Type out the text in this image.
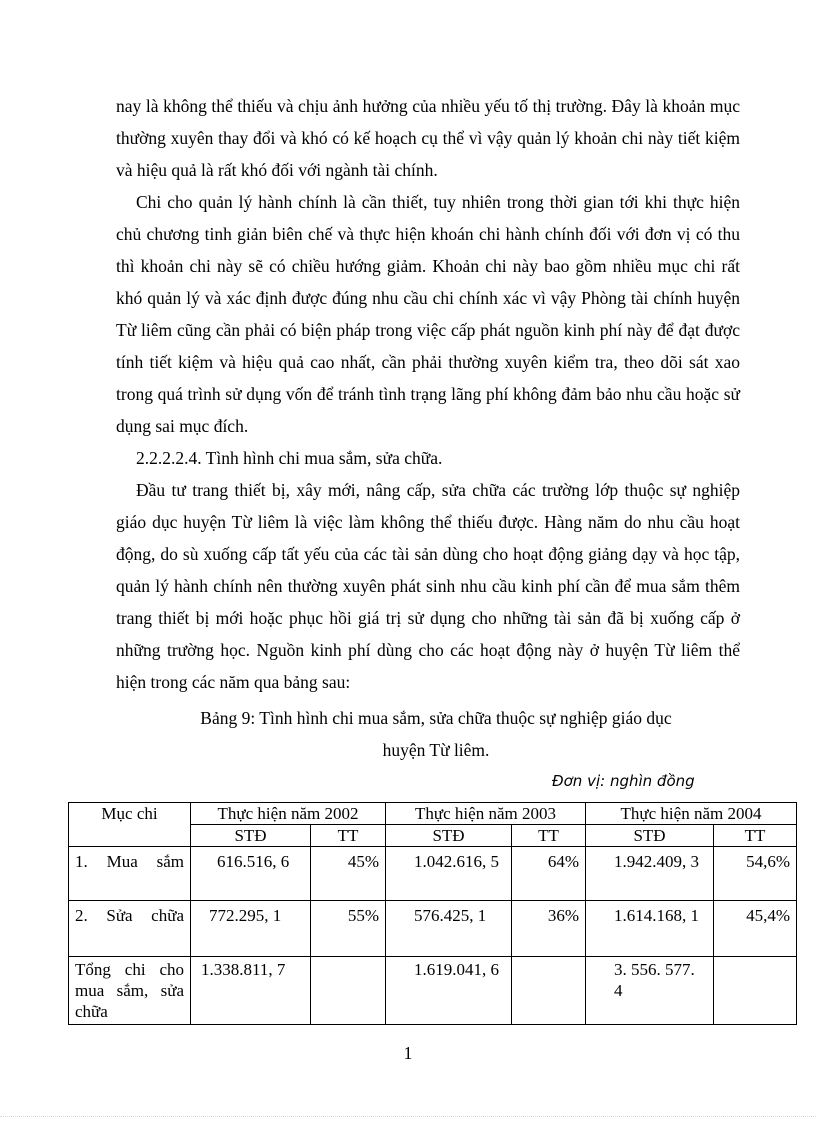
nay là không thể thiếu và chịu ảnh hưởng của nhiều yếu tố thị trường. Đây là khoản mục thường xuyên thay đổi và khó có kế hoạch cụ thể vì vậy quản lý khoản chi này tiết kiệm và hiệu quả là rất khó đối với ngành tài chính.

Chi cho quản lý hành chính là cần thiết, tuy nhiên trong thời gian tới khi thực hiện chủ chương tinh giản biên chế và thực hiện khoán chi hành chính đối với đơn vị có thu thì khoản chi này sẽ có chiều hướng giảm. Khoản chi này bao gồm nhiều mục chi rất khó quản lý và xác định được đúng nhu cầu chi chính xác vì vậy Phòng tài chính huyện Từ liêm cũng cần phải có biện pháp trong việc cấp phát nguồn kinh phí này để đạt được tính tiết kiệm và hiệu quả cao nhất, cần phải thường xuyên kiểm tra, theo dõi sát xao trong quá trình sử dụng vốn để tránh tình trạng lãng phí không đảm bảo nhu cầu hoặc sử dụng sai mục đích.

2.2.2.2.4. Tình hình chi mua sắm, sửa chữa.

Đầu tư trang thiết bị, xây mới, nâng cấp, sửa chữa các trường lớp thuộc sự nghiệp giáo dục huyện Từ liêm là việc làm không thể thiếu được. Hàng năm do nhu cầu hoạt động, do sù xuống cấp tất yếu của các tài sản dùng cho hoạt động giảng dạy và học tập, quản lý hành chính nên thường xuyên phát sinh nhu cầu kinh phí cần để mua sắm thêm trang thiết bị mới hoặc phục hồi giá trị sử dụng cho những tài sản đã bị xuống cấp ở những trường học. Nguồn kinh phí dùng cho các hoạt động này ở huyện Từ liêm thể hiện trong các năm qua bảng sau:

Bảng 9: Tình hình chi mua sắm, sửa chữa thuộc sự nghiệp giáo dục

huyện Từ liêm.

Đơn vị: nghìn đồng
Mục chi	Thực hiện năm 2002		Thực hiện năm 2003		Thực hiện năm 2004	
	STĐ	TT	STĐ	TT	STĐ	TT
1. Mua sắm	616.516, 6	45%	1.042.616, 5	64%	1.942.409, 3	54,6%
2. Sửa chữa	772.295, 1	55%	576.425, 1	36%	1.614.168, 1	45,4%
Tổng chi cho mua sắm, sửa chữa	1.338.811, 7		1.619.041, 6		3. 556. 577. 4	
1
